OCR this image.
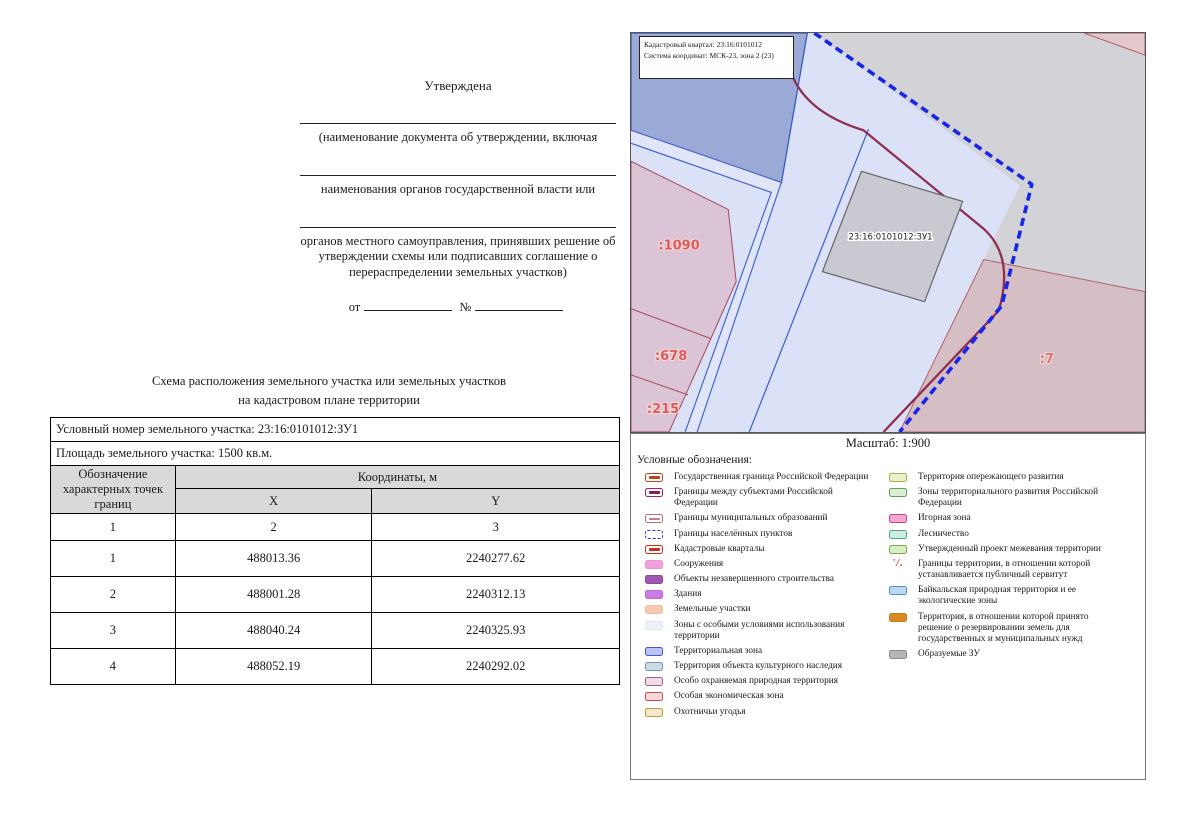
Утверждена
(наименование документа об утверждении, включая
наименования органов государственной власти или
органов местного самоуправления, принявших решение об утверждении схемы или подписавших соглашение о перераспределении земельных участков)
от	№
Схема расположения земельного участка или земельных участков
на кадастровом плане территории
Условный номер земельного участка: 23:16:0101012:ЗУ1		
Площадь земельного участка: 1500 кв.м.		
Обозначение характерных точек границ	Координаты, м	
	X	Y
1	2	3
1	488013.36	2240277.62
2	488001.28	2240312.13
3	488040.24	2240325.93
4	488052.19	2240292.02
23:16:0101012:ЗУ1
:1090
:678
:215
:7
Кадастровый квартал: 23:16:0101012
Система координат: МСК-23, зона 2 (23)
Масштаб: 1:900
Условные обозначения:
Государственная граница Российской Федерации
Границы между субъектами Российской Федерации
Границы муниципальных образований
Границы населённых пунктов
Кадастровые кварталы
Сооружения
Объекты незавершенного строительства
Здания
Земельные участки
Зоны с особыми условиями использования территории
Территориальная зона
Территория объекта культурного наследия
Особо охраняемая природная территория
Особая экономическая зона
Охотничьи угодья
Территория опережающего развития
Зоны территориального развития Российской Федерации
Игорная зона
Лесничество
Утвержденный проект межевания территории
'/.	Границы территории, в отношении которой устанавливается публичный сервитут
Байкальская природная территория и ее экологические зоны
Территория, в отношении которой принято решение о резервировании земель для государственных и муниципальных нужд
Образуемые ЗУ
